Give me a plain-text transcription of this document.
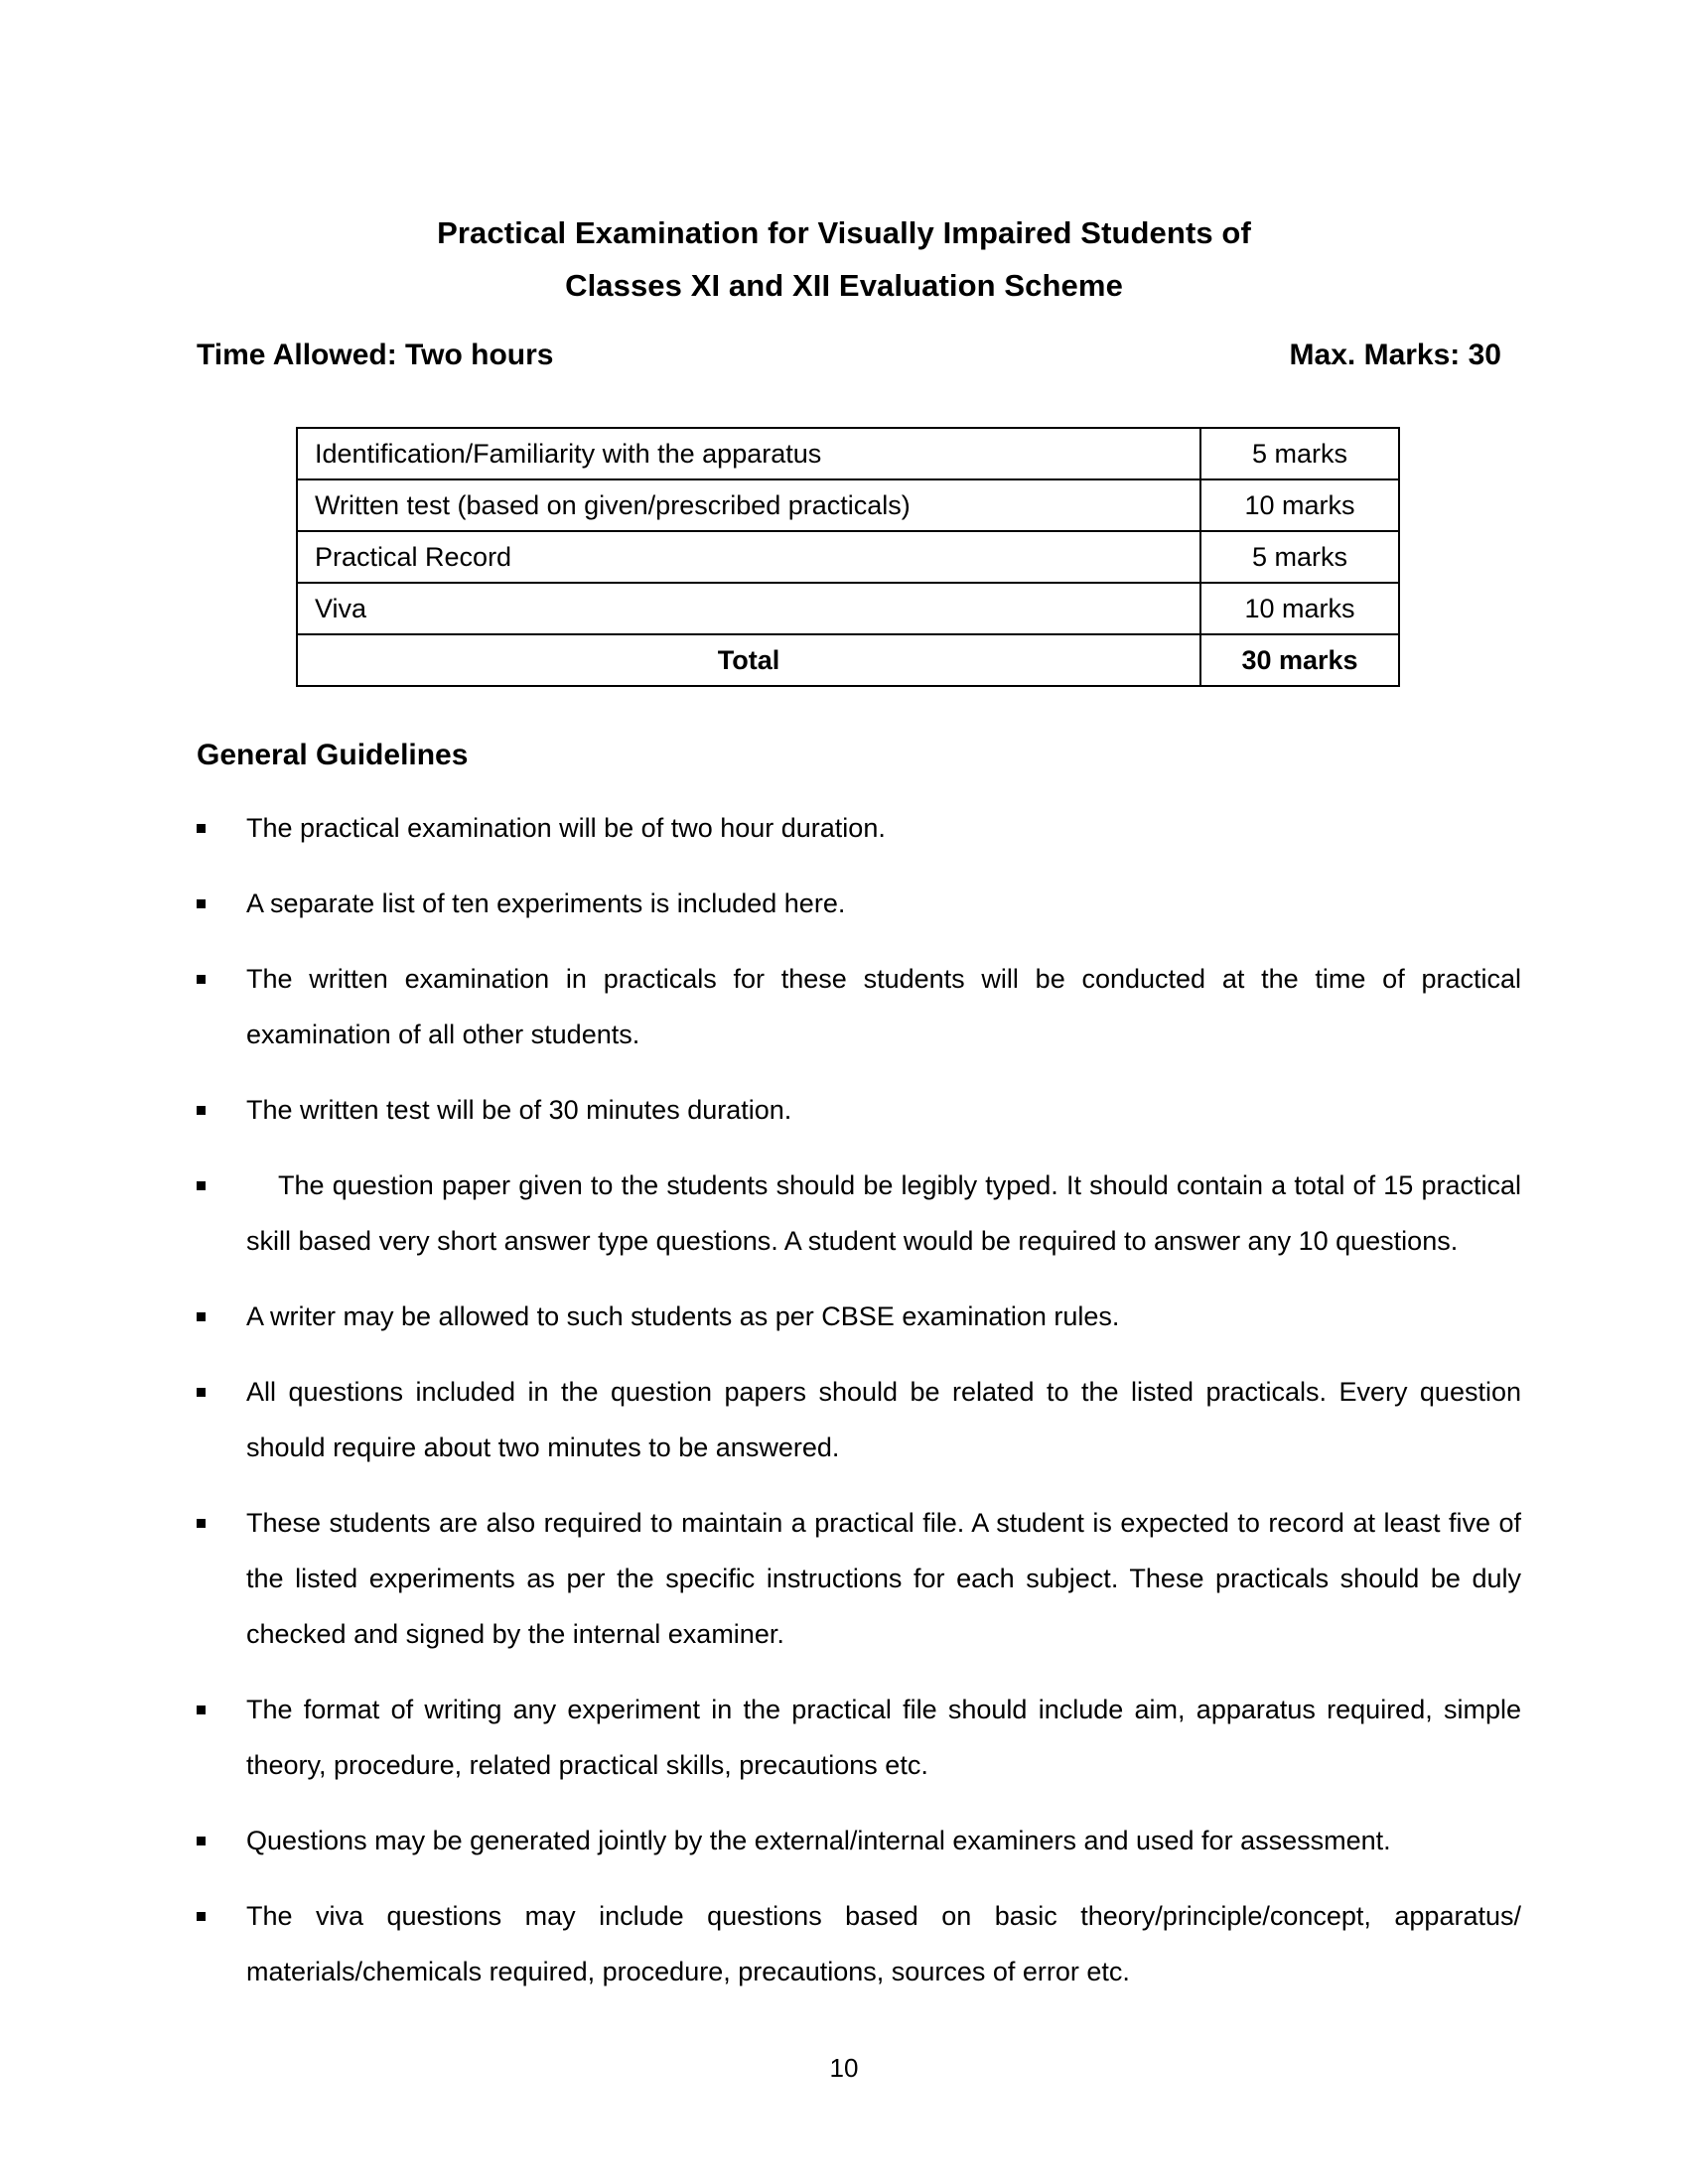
Practical Examination for Visually Impaired Students of
Classes XI and XII Evaluation Scheme
Time Allowed: Two hours	Max. Marks: 30
Identification/Familiarity with the apparatus	5 marks
Written test (based on given/prescribed practicals)	10 marks
Practical Record	5 marks
Viva	10 marks
Total	30 marks
General Guidelines
The practical examination will be of two hour duration.
A separate list of ten experiments is included here.
The written examination in practicals for these students will be conducted at the time of practical examination of all other students.
The written test will be of 30 minutes duration.
The question paper given to the students should be legibly typed. It should contain a total of 15 practical skill based very short answer type questions. A student would be required to answer any 10 questions.
A writer may be allowed to such students as per CBSE examination rules.
All questions included in the question papers should be related to the listed practicals. Every question should require about two minutes to be answered.
These students are also required to maintain a practical file. A student is expected to record at least five of the listed experiments as per the specific instructions for each subject. These practicals should be duly checked and signed by the internal examiner.
The format of writing any experiment in the practical file should include aim, apparatus required, simple theory, procedure, related practical skills, precautions etc.
Questions may be generated jointly by the external/internal examiners and used for assessment.
The viva questions may include questions based on basic theory/principle/concept, apparatus/ materials/chemicals required, procedure, precautions, sources of error etc.
10
